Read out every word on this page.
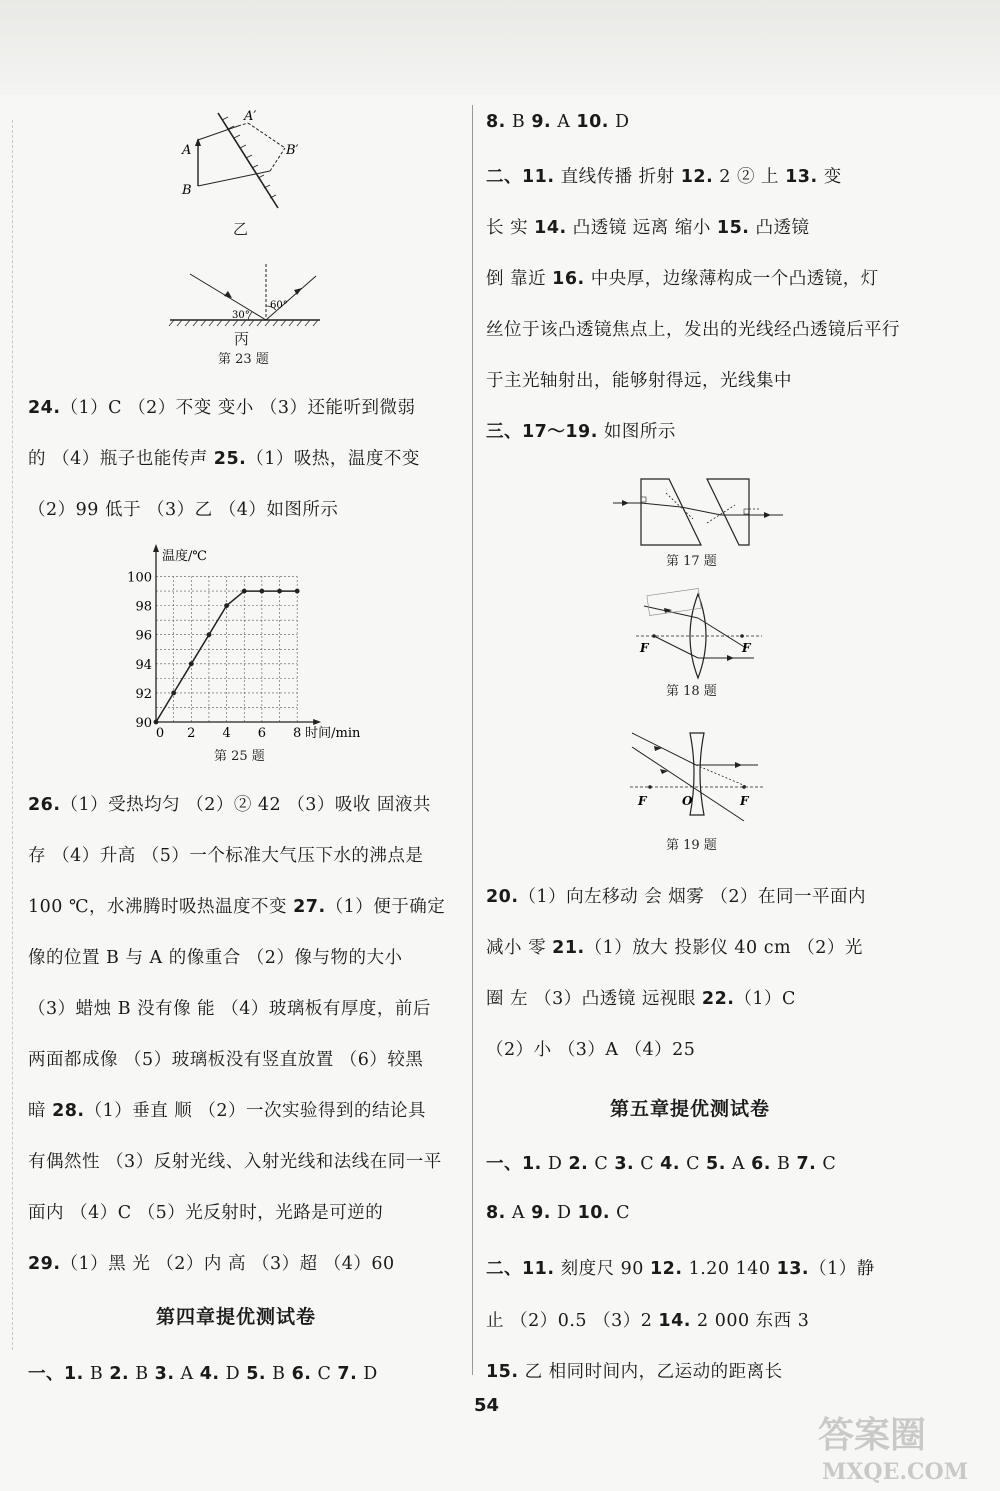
A
A′
B
B′
乙
30°
60°
丙
第 23 题
24.（1）C （2）不变 变小 （3）还能听到微弱
的 （4）瓶子也能传声 25.（1）吸热，温度不变
（2）99 低于 （3）乙 （4）如图所示
90
92
94
96
98
100
0 2 4 6 8
温度/℃
时间/min
第 25 题
26.（1）受热均匀 （2）② 42 （3）吸收 固液共
存 （4）升高 （5）一个标准大气压下水的沸点是
100 ℃，水沸腾时吸热温度不变 27.（1）便于确定
像的位置 B 与 A 的像重合 （2）像与物的大小
（3）蜡烛 B 没有像 能 （4）玻璃板有厚度，前后
两面都成像 （5）玻璃板没有竖直放置 （6）较黑
暗 28.（1）垂直 顺 （2）一次实验得到的结论具
有偶然性 （3）反射光线、入射光线和法线在同一平
面内 （4）C （5）光反射时，光路是可逆的
29.（1）黑 光 （2）内 高 （3）超 （4）60
第四章提优测试卷
一、1. B 2. B 3. A 4. D 5. B 6. C 7. D
8. B 9. A 10. D
二、11. 直线传播 折射 12. 2 ② 上 13. 变
长 实 14. 凸透镜 远离 缩小 15. 凸透镜
倒 靠近 16. 中央厚，边缘薄构成一个凸透镜，灯
丝位于该凸透镜焦点上，发出的光线经凸透镜后平行
于主光轴射出，能够射得远，光线集中
三、17～19. 如图所示
第 17 题
F	F
第 18 题
F	O	F
第 19 题
20.（1）向左移动 会 烟雾 （2）在同一平面内
减小 零 21.（1）放大 投影仪 40 cm （2）光
圈 左 （3）凸透镜 远视眼 22.（1）C
（2）小 （3）A （4）25
第五章提优测试卷
一、1. D 2. C 3. C 4. C 5. A 6. B 7. C
8. A 9. D 10. C
二、11. 刻度尺 90 12. 1.20 140 13.（1）静
止 （2）0.5 （3）2 14. 2 000 东西 3
15. 乙 相同时间内，乙运动的距离长
54
答案圈
MXQE.COM
